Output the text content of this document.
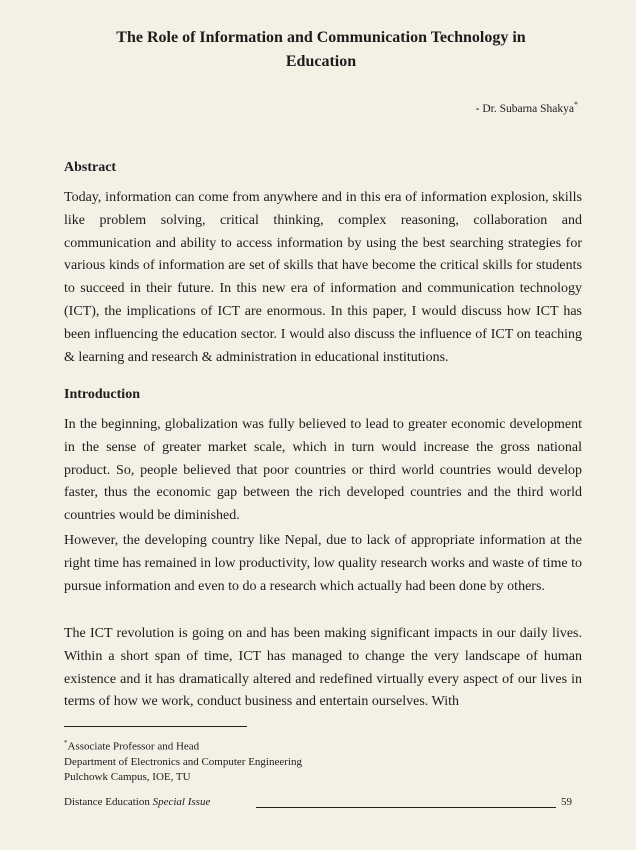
The Role of Information and Communication Technology in
Education
- Dr. Subarna Shakya*
Abstract

Today, information can come from anywhere and in this era of information explosion, skills like problem solving, critical thinking, complex reasoning, collaboration and communication and ability to access information by using the best searching strategies for various kinds of information are set of skills that have become the critical skills for students to succeed in their future. In this new era of information and communication technology (ICT), the implications of ICT are enormous. In this paper, I would discuss how ICT has been influencing the education sector. I would also discuss the influence of ICT on teaching & learning and research & administration in educational institutions.

Introduction

In the beginning, globalization was fully believed to lead to greater economic development in the sense of greater market scale, which in turn would increase the gross national product. So, people believed that poor countries or third world countries would develop faster, thus the economic gap between the rich developed countries and the third world countries would be diminished.

However, the developing country like Nepal, due to lack of appropriate information at the right time has remained in low productivity, low quality research works and waste of time to pursue information and even to do a research which actually had been done by others.

The ICT revolution is going on and has been making significant impacts in our daily lives. Within a short span of time, ICT has managed to change the very landscape of human existence and it has dramatically altered and redefined virtually every aspect of our lives in terms of how we work, conduct business and entertain ourselves. With

*Associate Professor and Head
Department of Electronics and Computer Engineering
Pulchowk Campus, IOE, TU
Distance Education Special Issue	59
